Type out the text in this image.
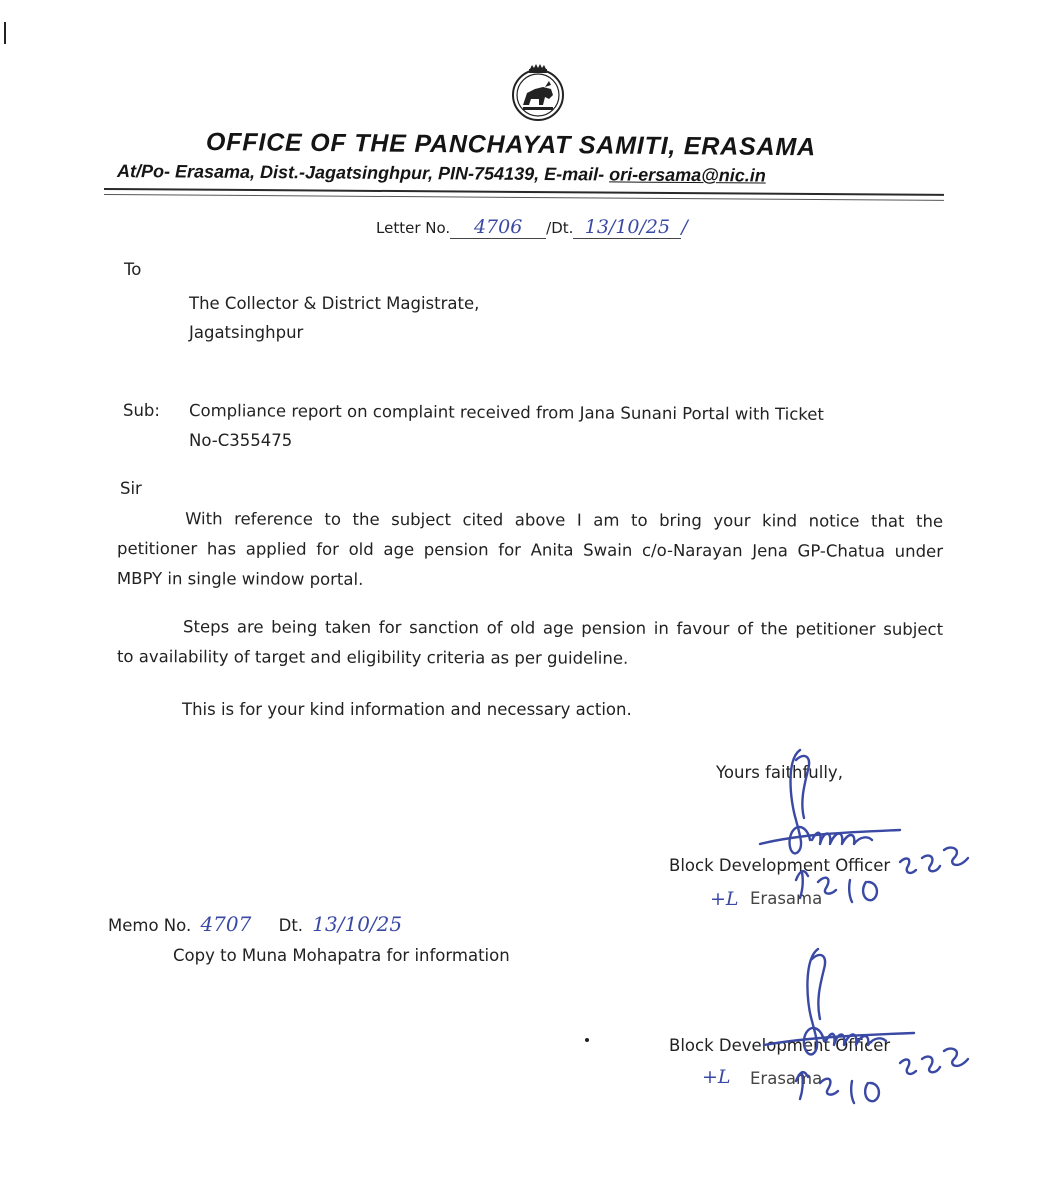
OFFICE OF THE PANCHAYAT SAMITI, ERASAMA
At/Po- Erasama, Dist.-Jagatsinghpur, PIN-754139, E-mail- ori-ersama@nic.in
Letter No. 4706 /Dt. 13/10/25 /
To
The Collector & District Magistrate,
Jagatsinghpur
Sub: Compliance report on complaint received from Jana Sunani Portal with Ticket
No-C355475
Sir
With reference to the subject cited above I am to bring your kind notice that the
petitioner has applied for old age pension for Anita Swain c/o-Narayan Jena GP-Chatua under
MBPY in single window portal.
Steps are being taken for sanction of old age pension in favour of the petitioner subject
to availability of target and eligibility criteria as per guideline.
This is for your kind information and necessary action.
Yours faithfully,
Block Development Officer
+L Erasama
Memo No. 4707 Dt. 13/10/25
Copy to Muna Mohapatra for information
Block Development Officer
+L Erasama
